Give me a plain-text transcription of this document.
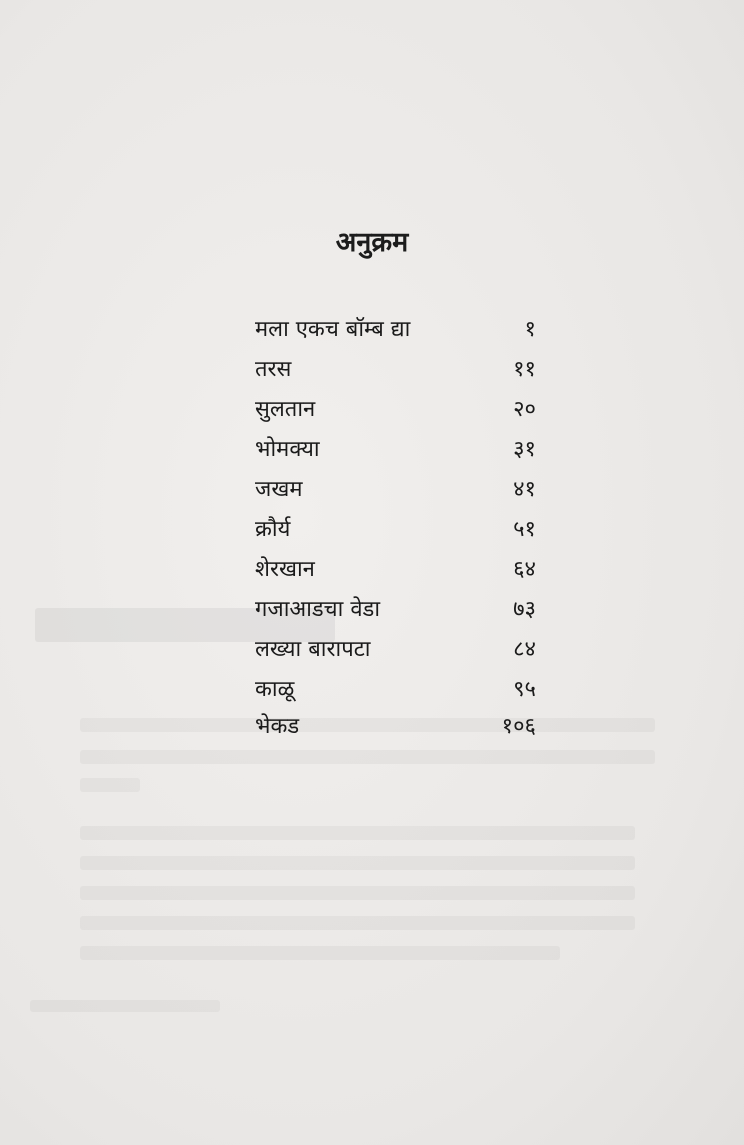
अनुक्रम
मला एकच बॉम्ब द्या	१
तरस	११
सुलतान	२०
भोमक्या	३१
जखम	४१
क्रौर्य	५१
शेरखान	६४
गजाआडचा वेडा	७३
लख्या बारापटा	८४
काळू	९५
भेकड	१०६
